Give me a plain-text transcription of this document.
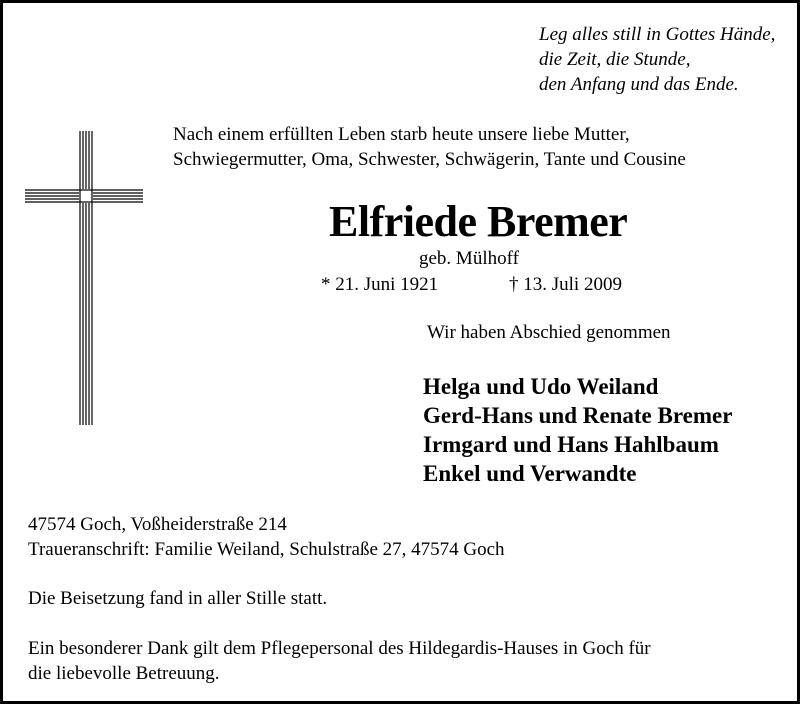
Leg alles still in Gottes Hände,
die Zeit, die Stunde,
den Anfang und das Ende.
Nach einem erfüllten Leben starb heute unsere liebe Mutter,
Schwiegermutter, Oma, Schwester, Schwägerin, Tante und Cousine
Elfriede Bremer
geb. Mülhoff
* 21. Juni 1921	† 13. Juli 2009
Wir haben Abschied genommen
Helga und Udo Weiland
Gerd-Hans und Renate Bremer
Irmgard und Hans Hahlbaum
Enkel und Verwandte
47574 Goch, Voßheiderstraße 214
Traueranschrift: Familie Weiland, Schulstraße 27, 47574 Goch
Die Beisetzung fand in aller Stille statt.
Ein besonderer Dank gilt dem Pflegepersonal des Hildegardis-Hauses in Goch für
die liebevolle Betreuung.
